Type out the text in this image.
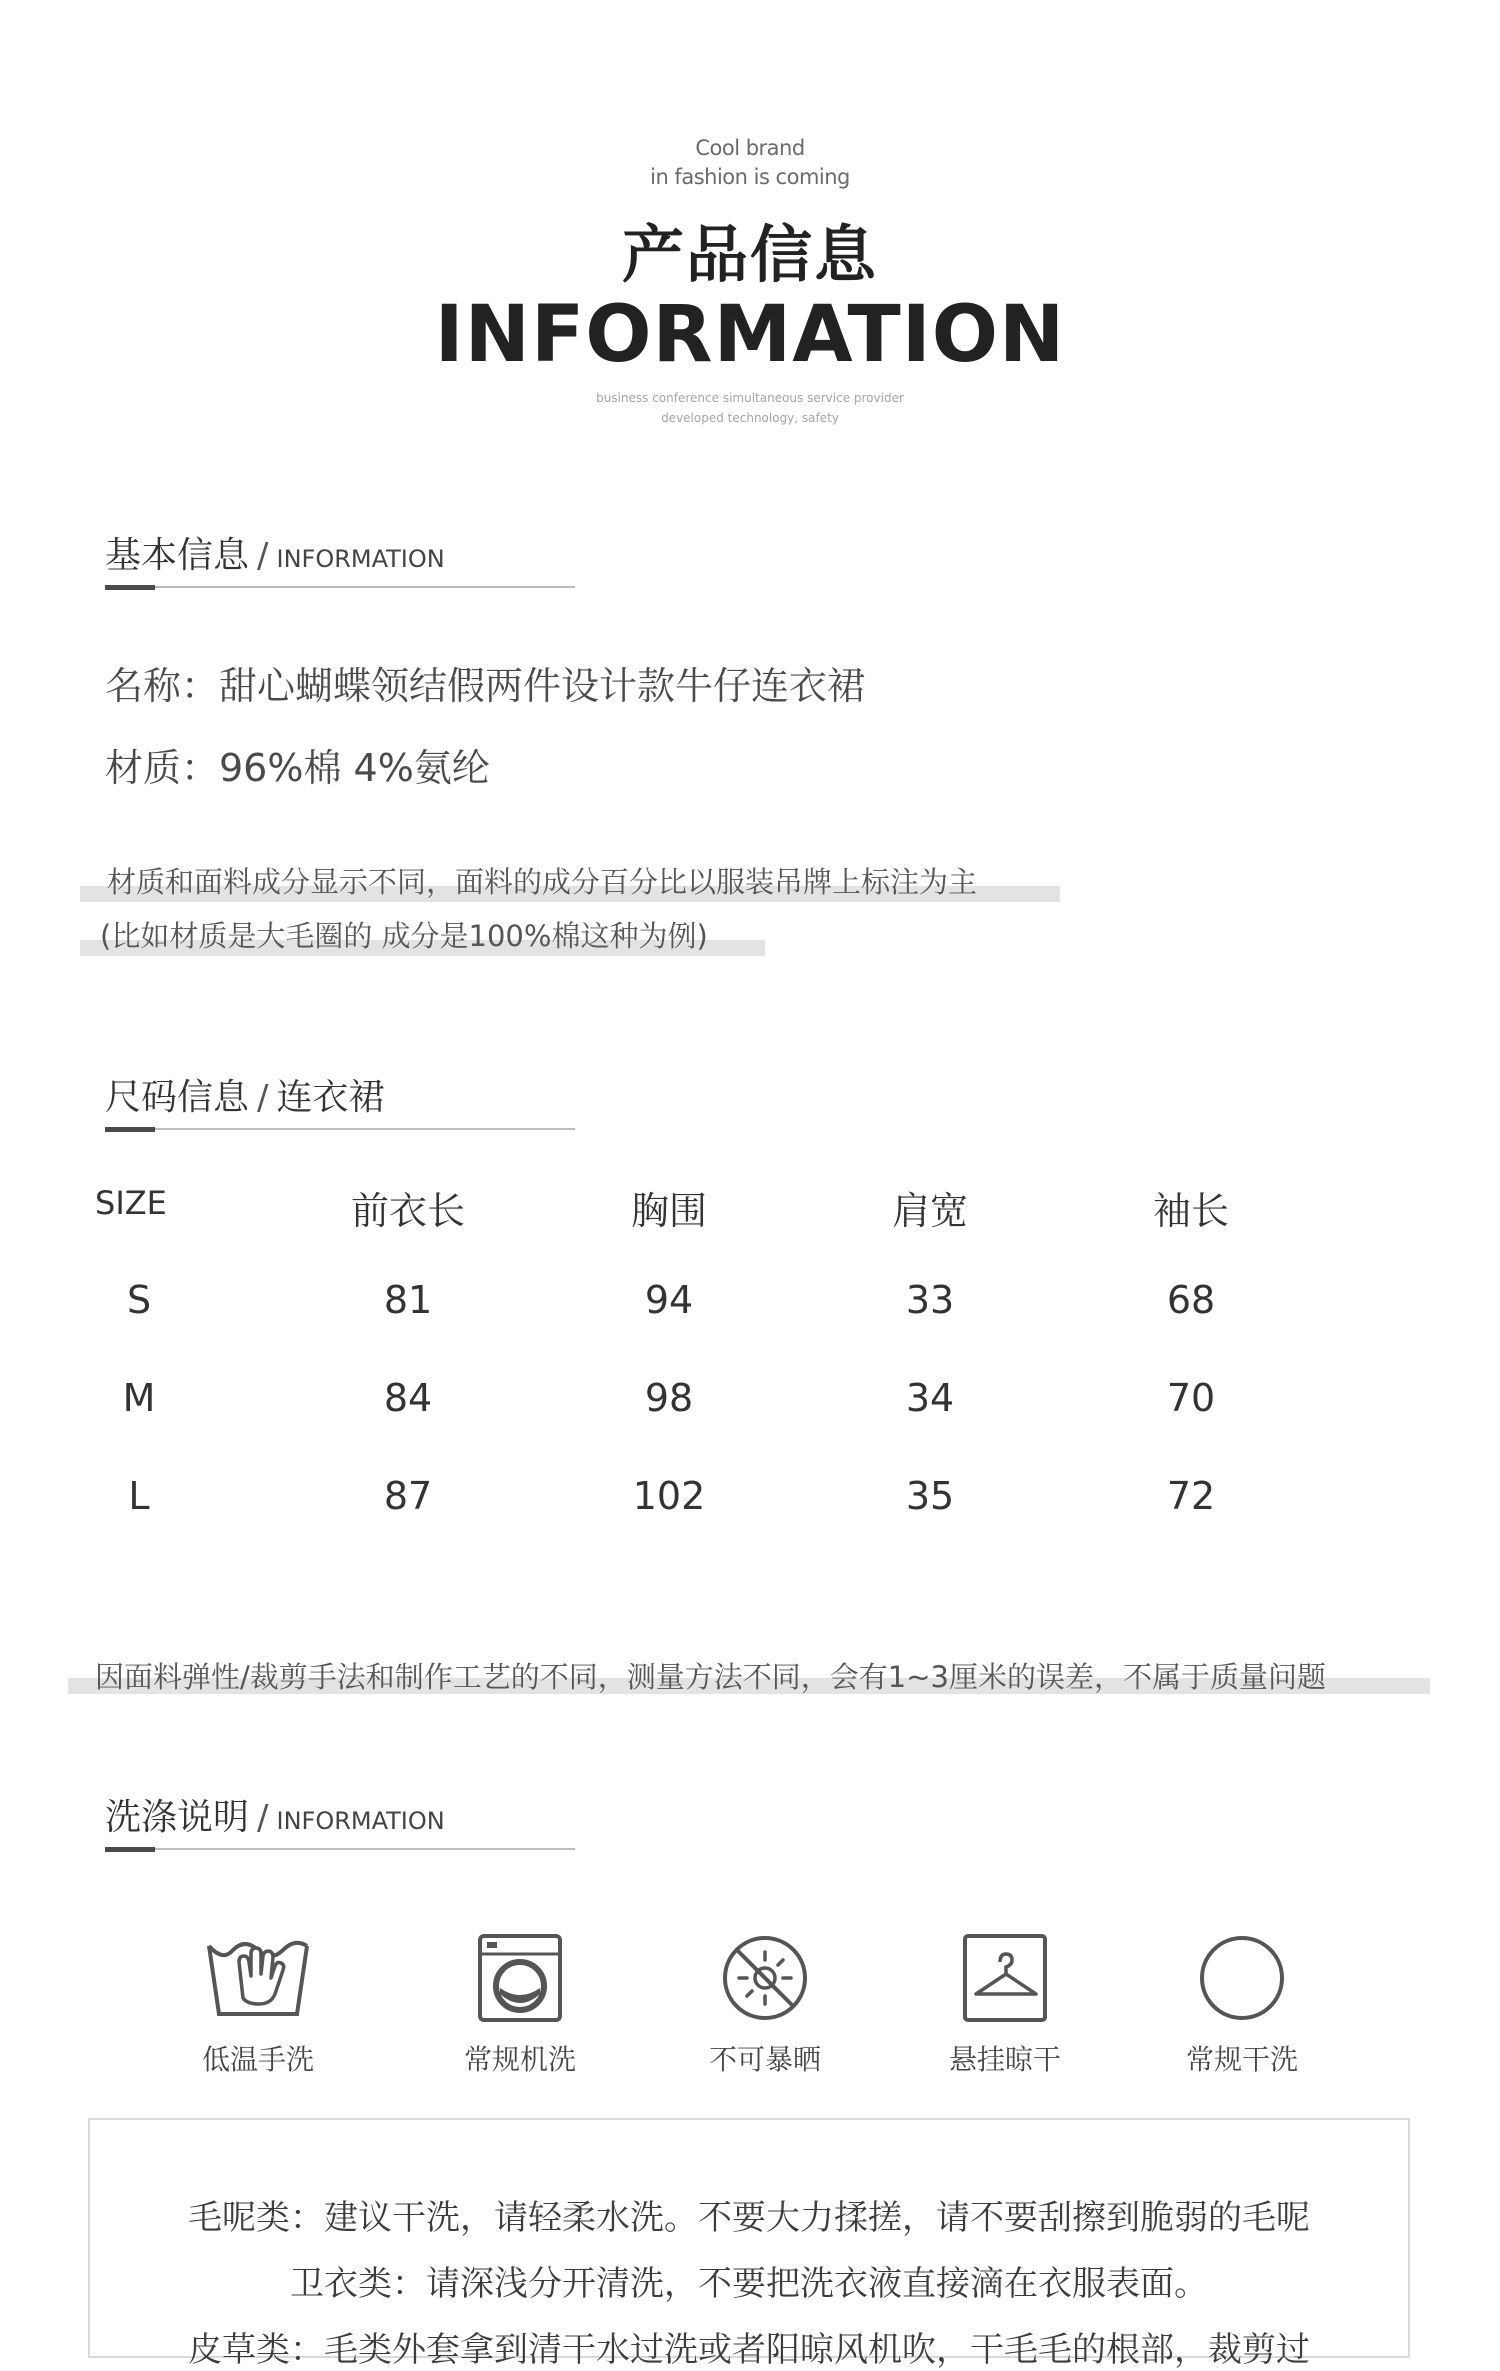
Cool brand
in fashion is coming
产品信息
INFORMATION
business conference simultaneous service provider
developed technology, safety
基本信息 / INFORMATION
名称：甜心蝴蝶领结假两件设计款牛仔连衣裙
材质：96%棉 4%氨纶
材质和面料成分显示不同，面料的成分百分比以服装吊牌上标注为主
(比如材质是大毛圈的 成分是100%棉这种为例)
尺码信息 / 连衣裙
SIZE	前衣长	胸围	肩宽	袖长
S	81	94	33	68
M	84	98	34	70
L	87	102	35	72
因面料弹性/裁剪手法和制作工艺的不同，测量方法不同，会有1~3厘米的误差，不属于质量问题
洗涤说明 / INFORMATION
低温手洗	常规机洗	不可暴晒	悬挂晾干	常规干洗
毛呢类：建议干洗，请轻柔水洗。不要大力揉搓，请不要刮擦到脆弱的毛呢
卫衣类：请深浅分开清洗，不要把洗衣液直接滴在衣服表面。
皮草类：毛类外套拿到清干水过洗或者阳晾风机吹，干毛毛的根部，裁剪过
